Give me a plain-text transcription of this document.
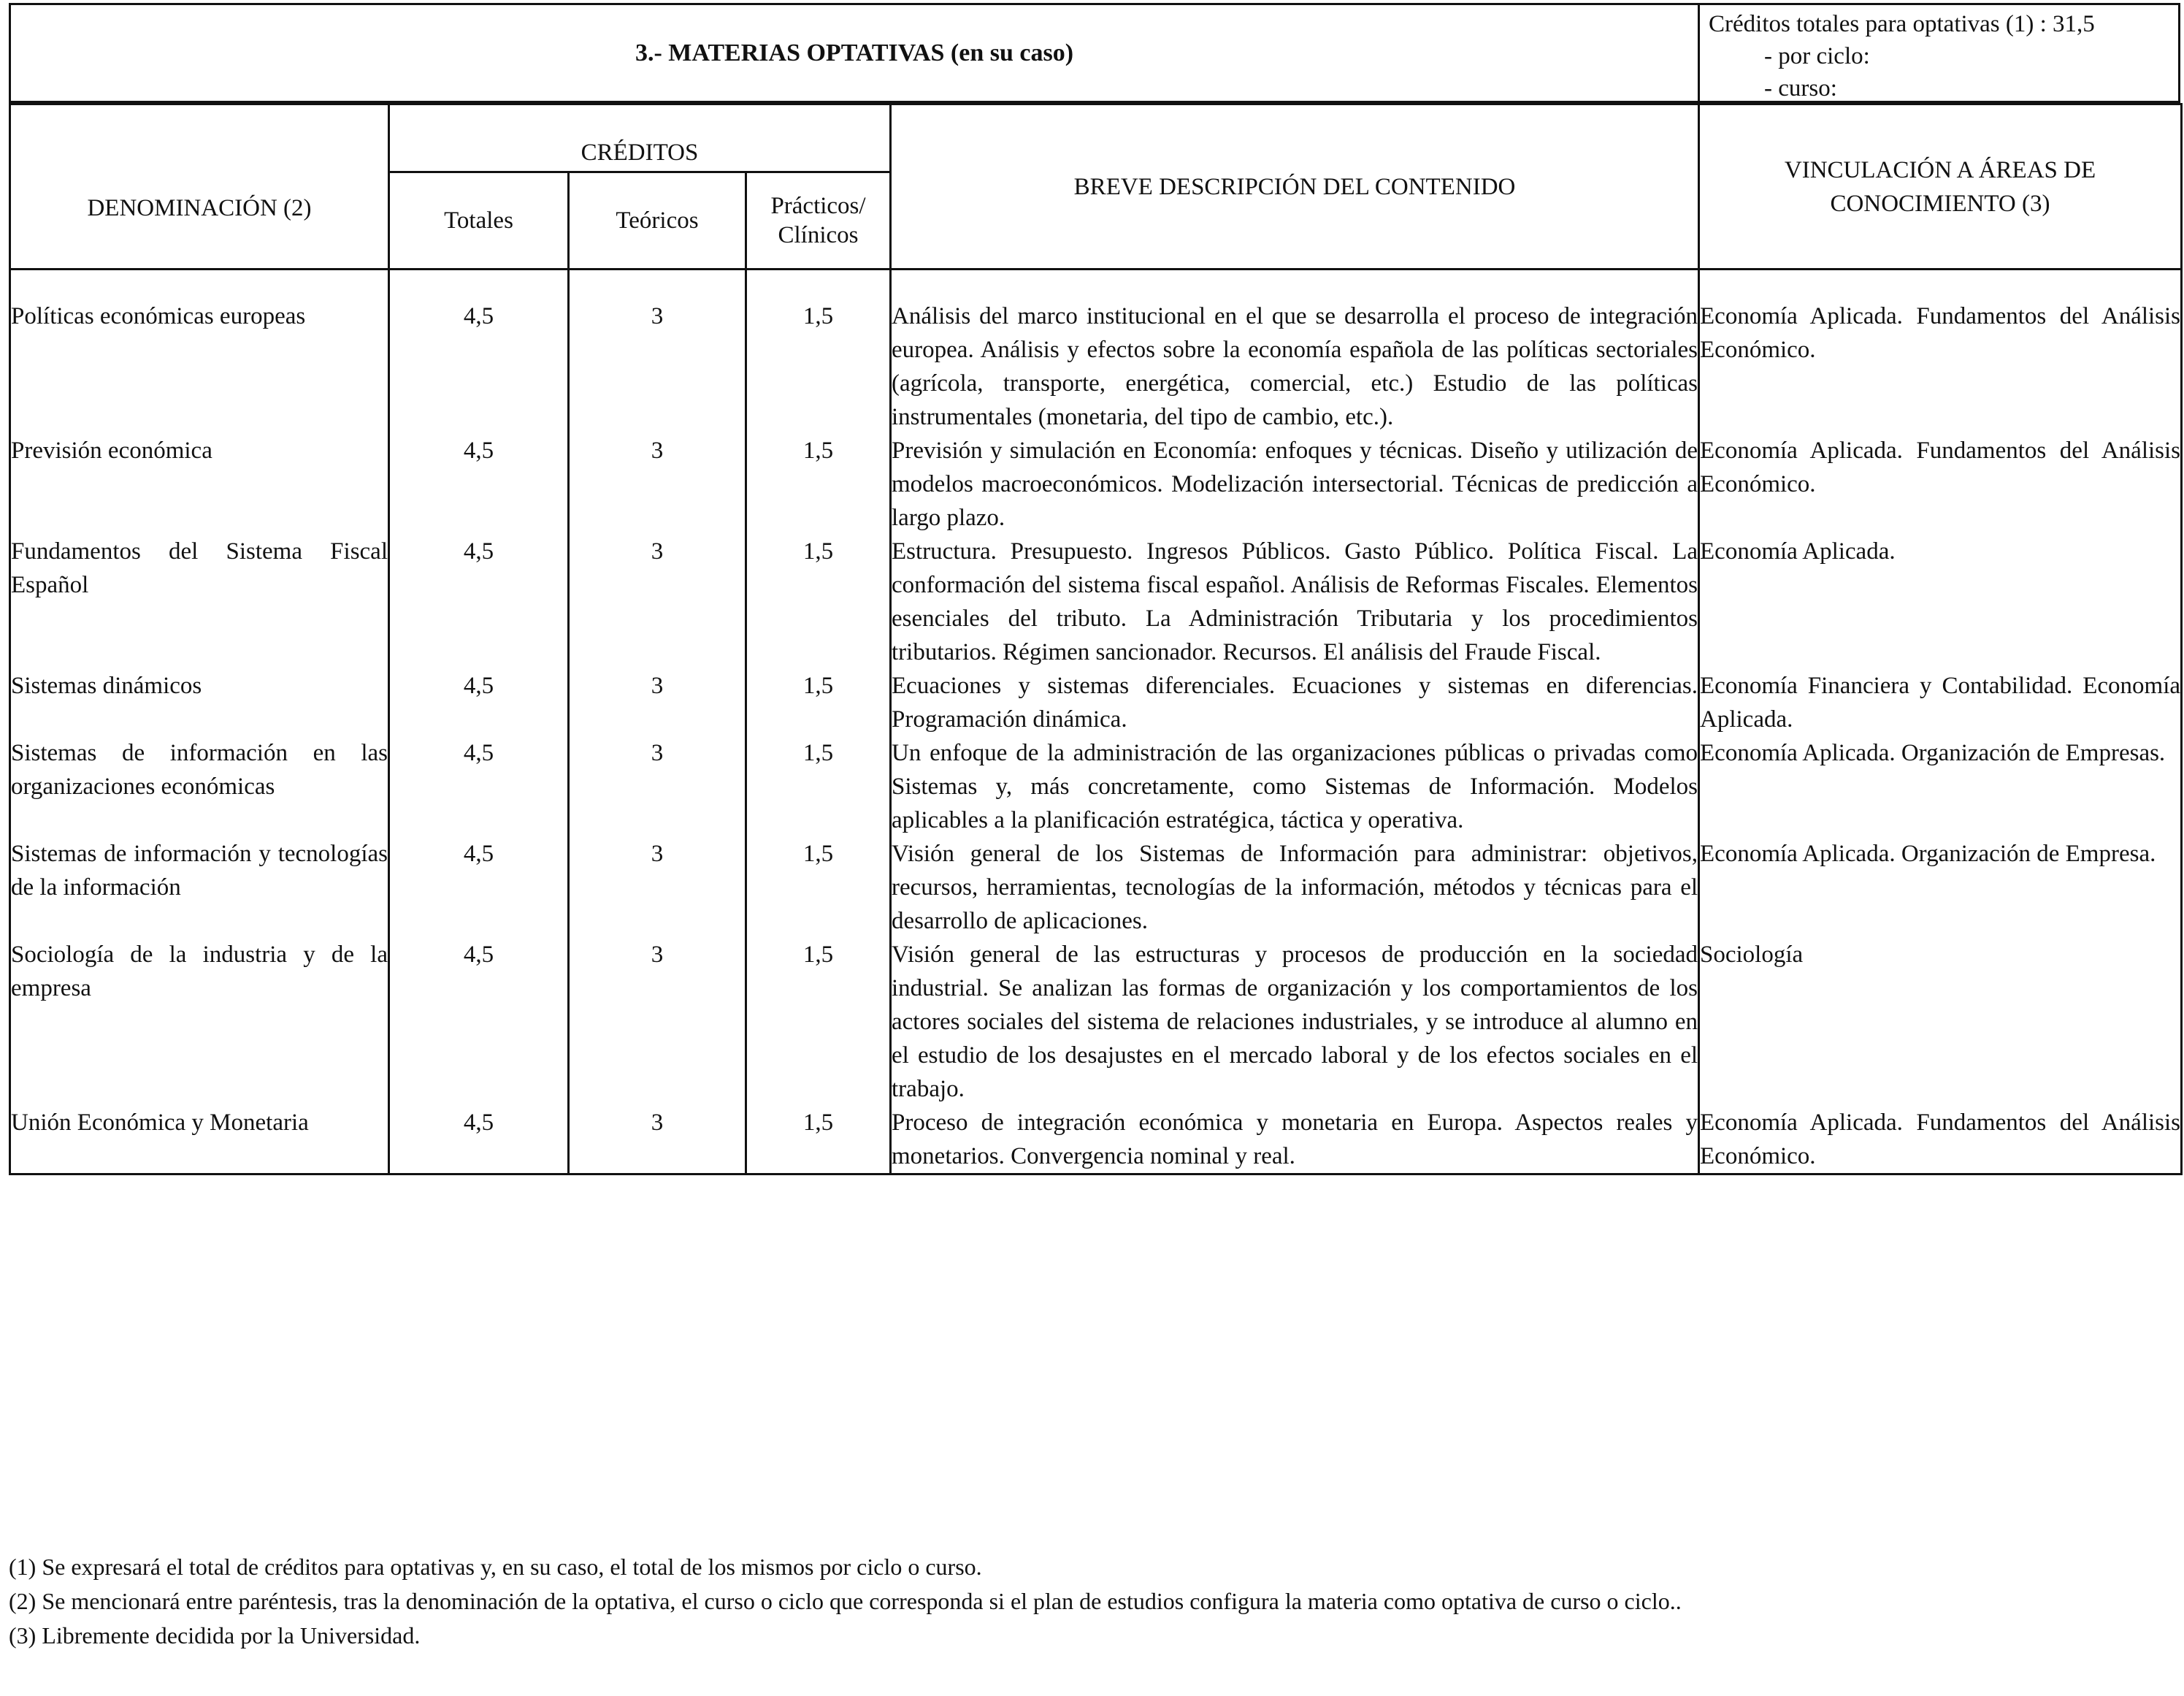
3.- MATERIAS OPTATIVAS (en su caso)
Créditos totales para optativas (1) : 31,5
- por ciclo:
- curso:
DENOMINACIÓN (2)	CRÉDITOS			BREVE DESCRIPCIÓN DEL CONTENIDO	VINCULACIÓN A ÁREAS DE CONOCIMIENTO (3)
	Totales	Teóricos	Prácticos/ Clínicos		
Políticas económicas europeas	4,5	3	1,5	Análisis del marco institucional en el que se desarrolla el proceso de integración europea. Análisis y efectos sobre la economía española de las políticas sectoriales (agrícola, transporte, energética, comercial, etc.) Estudio de las políticas instrumentales (monetaria, del tipo de cambio, etc.).	Economía Aplicada. Fundamentos del Análisis Económico.
Previsión económica	4,5	3	1,5	Previsión y simulación en Economía: enfoques y técnicas. Diseño y utilización de modelos macroeconómicos. Modelización intersectorial. Técnicas de predicción a largo plazo.	Economía Aplicada. Fundamentos del Análisis Económico.
Fundamentos del Sistema Fiscal Español	4,5	3	1,5	Estructura. Presupuesto. Ingresos Públicos. Gasto Público. Política Fiscal. La conformación del sistema fiscal español. Análisis de Reformas Fiscales. Elementos esenciales del tributo. La Administración Tributaria y los procedimientos tributarios. Régimen sancionador. Recursos. El análisis del Fraude Fiscal.	Economía Aplicada.
Sistemas dinámicos	4,5	3	1,5	Ecuaciones y sistemas diferenciales. Ecuaciones y sistemas en diferencias. Programación dinámica.	Economía Financiera y Contabilidad. Economía Aplicada.
Sistemas de información en las organizaciones económicas	4,5	3	1,5	Un enfoque de la administración de las organizaciones públicas o privadas como Sistemas y, más concretamente, como Sistemas de Información. Modelos aplicables a la planificación estratégica, táctica y operativa.	Economía Aplicada. Organización de Empresas.
Sistemas de información y tecnologías de la información	4,5	3	1,5	Visión general de los Sistemas de Información para administrar: objetivos, recursos, herramientas, tecnologías de la información, métodos y técnicas para el desarrollo de aplicaciones.	Economía Aplicada. Organización de Empresa.
Sociología de la industria y de la empresa	4,5	3	1,5	Visión general de las estructuras y procesos de producción en la sociedad industrial. Se analizan las formas de organización y los comportamientos de los actores sociales del sistema de relaciones industriales, y se introduce al alumno en el estudio de los desajustes en el mercado laboral y de los efectos sociales en el trabajo.	Sociología
Unión Económica y Monetaria	4,5	3	1,5	Proceso de integración económica y monetaria en Europa. Aspectos reales y monetarios. Convergencia nominal y real.	Economía Aplicada. Fundamentos del Análisis Económico.
(1) Se expresará el total de créditos para optativas y, en su caso, el total de los mismos por ciclo o curso.
(2) Se mencionará entre paréntesis, tras la denominación de la optativa, el curso o ciclo que corresponda si el plan de estudios configura la materia como optativa de curso o ciclo..
(3) Libremente decidida por la Universidad.
